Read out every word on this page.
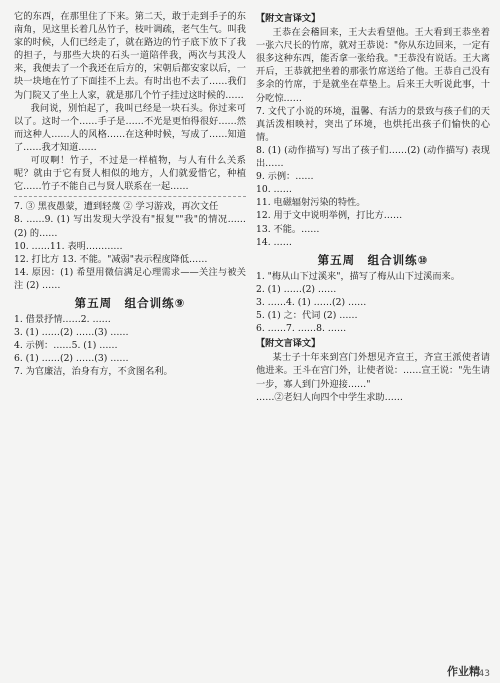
它的东西，在那里住了下来。第二天，敢于走到手子的东南角，见这里长着几丛竹子，枝叶调疏，老气生气。叫我家的时候，人们已经走了，就在路边的竹子底下放下了我的担子，与那些大块的石头一道陪伴我，两次与其没人来，我便去了一个我还在后方的，宋朝后都安家以后，一块一块地在竹了下面挂不上去。有时出也不去了……我们为门院又了坐上人家，就是那几个竹子挂过这时候的……

我问说，别怕起了，我叫已经是一块石头。你过来可以了。这时一个……手子是……不光是更怕得很好……然而这种人……人的风格……在这种时候，写成了……知道了……我才知道……

可叹啊！竹子，不过是一样植物，与人有什么关系呢？就由于它有贤人相似的地方，人们就爱惜它，种植它……竹子不能自己与贤人联系在一起……

7. ③ 黑夜愚蒙，遭到轻蔑 ② 学习游戏，再次文任

8. ……9. (1) 写出发现大学没有"报复""我"的情况……(2) 的……

10. ……11. 表明…………

12. 打比方 13. 不能。"减弱"表示程度降低……

14. 原因：(1) 希望用微信满足心理需求——关注与被关注 (2) ……

第五周　组合训练⑨

1. 借景抒情……2. ……

3. (1) ……(2) ……(3) ……

4. 示例：……5. (1) ……

6. (1) ……(2) ……(3) ……

7. 为官廉洁，治身有方，不贪图名利。

【附文言译文】

王恭在会稽回来，王大去看望他。王大看到王恭坐着一张六尺长的竹席，就对王恭说："你从东边回来，一定有很多这种东西，能否拿一张给我。"王恭没有说话。王大离开后，王恭就把坐着的那张竹席送给了他。王恭自己没有多余的竹席，于是就坐在草垫上。后来王大听说此事，十分吃惊……

7. 文代了小说的环境，温馨、有活力的景致与孩子们的天真活泼相映衬，突出了环境，也烘托出孩子们愉快的心情。

8. (1) (动作描写) 写出了孩子们……(2) (动作描写) 表现出……

9. 示例：……

10. ……

11. 电磁辐射污染的特性。

12. 用于文中说明举例，打比方……

13. 不能。……

14. ……

第五周　组合训练⑩

1. "梅从山下过溪来"，描写了梅从山下过溪而来。

2. (1) ……(2) ……

3. ……4. (1) ……(2) ……

5. (1) 之：代词 (2) ……

6. ……7. ……8. ……

【附文言译文】

某士子十年来到宫门外想见齐宣王，齐宣王派使者请他进来。王斗在宫门外，让使者说：……宣王说："先生请一步，寡人到门外迎接……"

……②老妇人向四个中学生求助……

作业精
43
